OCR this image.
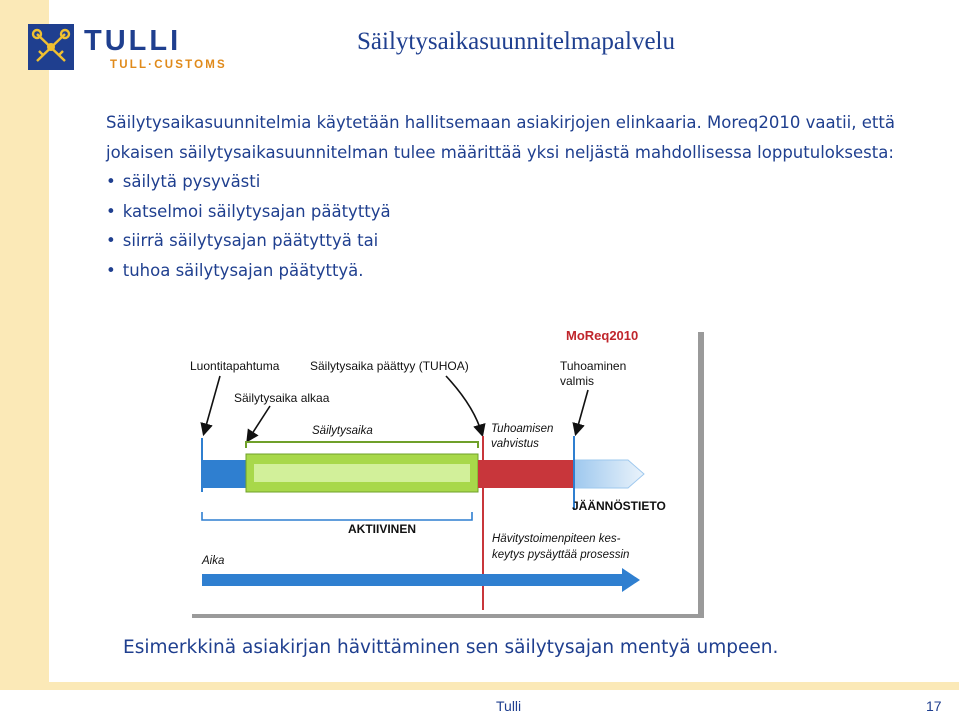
TULLI
TULL·CUSTOMS
Säilytysaikasuunnitelmapalvelu

Säilytysaikasuunnitelmia käytetään hallitsemaan asiakirjojen elinkaaria. Moreq2010 vaatii, että jokaisen säilytysaikasuunnitelman tulee määrittää yksi neljästä mahdollisessa lopputuloksesta:

• säilytä pysyvästi
• katselmoi säilytysajan päätyttyä
• siirrä säilytysajan päätyttyä tai
• tuhoa säilytysajan päätyttyä.
MoReq2010
Luontitapahtuma	Säilytysaika päättyy (TUHOA)	Tuhoaminen
valmis
Säilytysaika alkaa
Säilytysaika	Tuhoamisen
vahvistus
JÄÄNNÖSTIETO
AKTIIVINEN
Hävitystoimenpiteen kes-
keytys pysäyttää prosessin
Aika
Esimerkkinä asiakirjan hävittäminen sen säilytysajan mentyä umpeen.
Tulli	17
